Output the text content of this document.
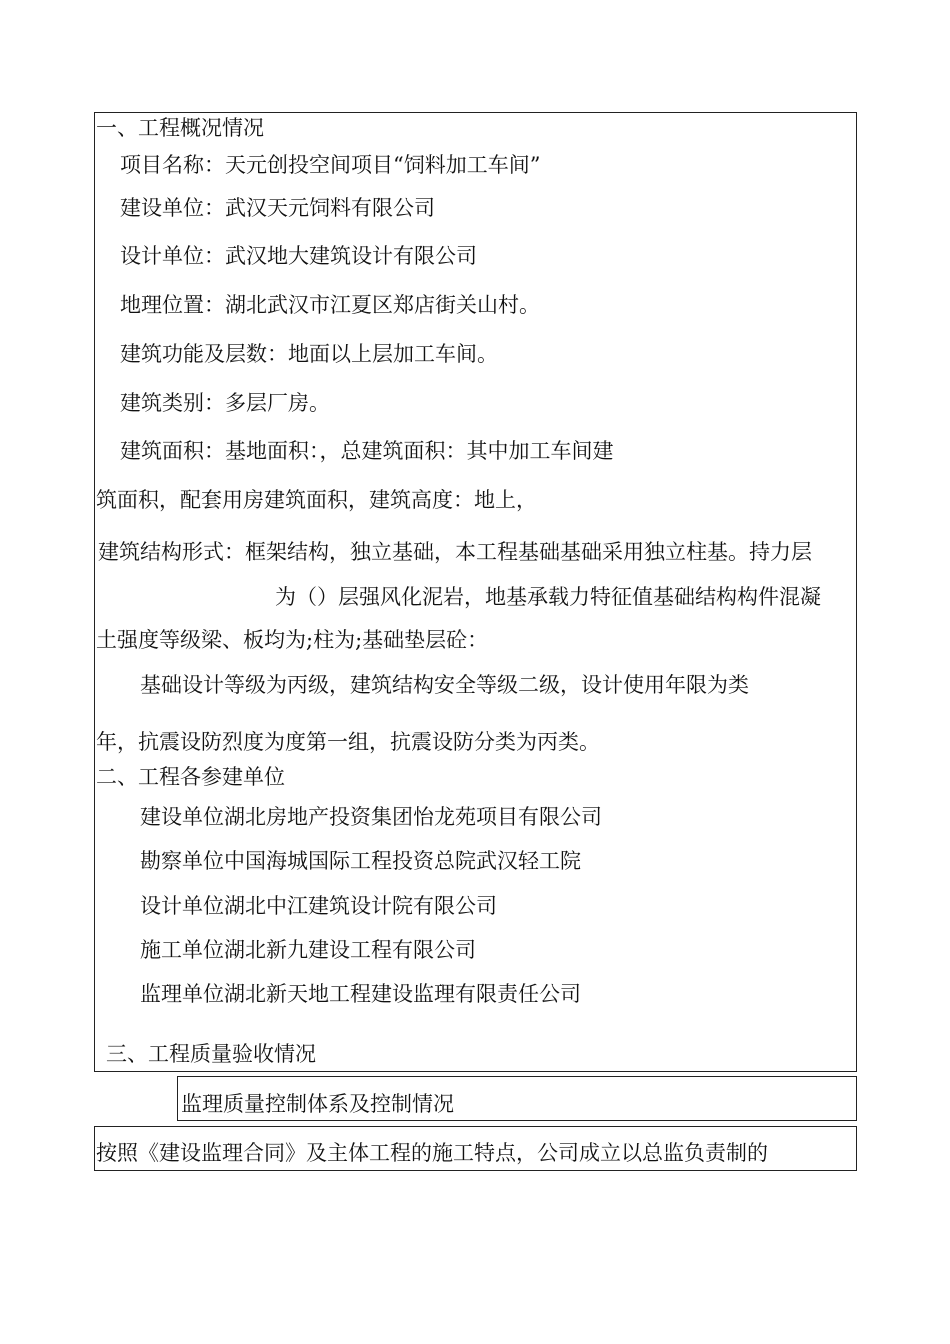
一、工程概况情况
项目名称：天元创投空间项目“饲料加工车间”
建设单位：武汉天元饲料有限公司
设计单位：武汉地大建筑设计有限公司
地理位置：湖北武汉市江夏区郑店街关山村。
建筑功能及层数：地面以上层加工车间。
建筑类别：多层厂房。
建筑面积：基地面积：，总建筑面积：其中加工车间建
筑面积，配套用房建筑面积，建筑高度：地上，
建筑结构形式：框架结构，独立基础，本工程基础基础采用独立柱基。持力层
为（）层强风化泥岩，地基承载力特征值基础结构构件混凝
土强度等级梁、板均为;柱为;基础垫层砼：
基础设计等级为丙级，建筑结构安全等级二级，设计使用年限为类
年，抗震设防烈度为度第一组，抗震设防分类为丙类。
二、工程各参建单位
建设单位湖北房地产投资集团怡龙苑项目有限公司
勘察单位中国海城国际工程投资总院武汉轻工院
设计单位湖北中江建筑设计院有限公司
施工单位湖北新九建设工程有限公司
监理单位湖北新天地工程建设监理有限责任公司
三、工程质量验收情况
监理质量控制体系及控制情况
按照《建设监理合同》及主体工程的施工特点，公司成立以总监负责制的
